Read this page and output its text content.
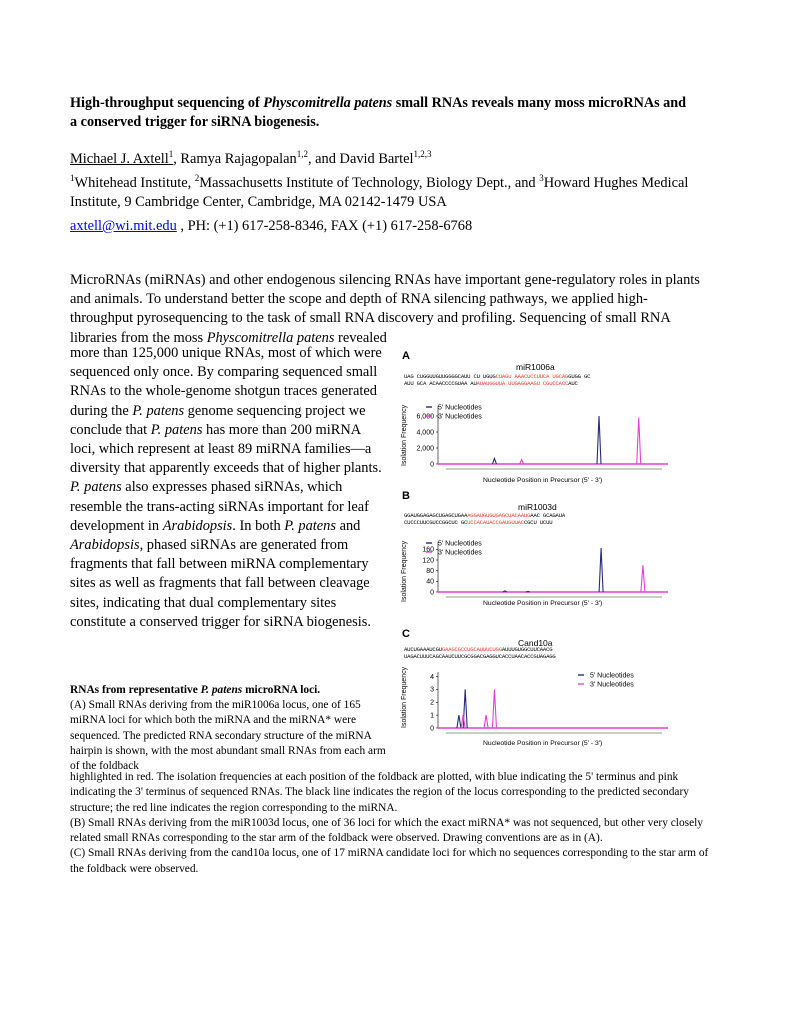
High-throughput sequencing of Physcomitrella patens small RNAs reveals many moss microRNAs and a conserved trigger for siRNA biogenesis.
Michael J. Axtell$^1$, Ramya Rajagopalan$^{1,2}$, and David Bartel$^{1,2,3}$
$^1$Whitehead Institute, $^2$Massachusetts Institute of Technology, Biology Dept., and $^3$Howard Hughes Medical Institute, 9 Cambridge Center, Cambridge, MA 02142-1479 USA
axtell@wi.mit.edu , PH: (+1) 617-258-8346, FAX (+1) 617-258-6768
MicroRNAs (miRNAs) and other endogenous silencing RNAs have important gene-regulatory roles in plants and animals. To understand better the scope and depth of RNA silencing pathways, we applied high-throughput pyrosequencing to the task of small RNA discovery and profiling. Sequencing of small RNA libraries from the moss Physcomitrella patens revealed
more than 125,000 unique RNAs, most of which were sequenced only once. By comparing sequenced small RNAs to the whole-genome shotgun traces generated during the P. patens genome sequencing project we conclude that P. patens has more than 200 miRNA loci, which represent at least 89 miRNA families—a diversity that apparently exceeds that of higher plants. P. patens also expresses phased siRNAs, which resemble the trans-acting siRNAs important for leaf development in Arabidopsis. In both P. patens and Arabidopsis, phased siRNAs are generated from fragments that fall between miRNA complementary sites as well as fragments that fall between cleavage sites, indicating that dual complementary sites constitute a conserved trigger for siRNA biogenesis.
RNAs from representative P. patens microRNA loci.
(A) Small RNAs deriving from the miR1006a locus, one of 165 miRNA loci for which both the miRNA and the miRNA* were sequenced. The predicted RNA secondary structure of the miRNA hairpin is shown, with the most abundant small RNAs from each arm of the foldback
highlighted in red. The isolation frequencies at each position of the foldback are plotted, with blue indicating the 5' terminus and pink indicating the 3' terminus of sequenced RNAs. The black line indicates the region of the locus corresponding to the predicted secondary structure; the red line indicates the region corresponding to the miRNA.
(B) Small RNAs deriving from the miR1003d locus, one of 36 loci for which the exact miRNA* was not sequenced, but other very closely related small RNAs corresponding to the star arm of the foldback were observed. Drawing conventions are as in (A).
(C) Small RNAs deriving from the cand10a locus, one of 17 miRNA candidate loci for which no sequences corresponding to the star arm of the foldback were observed.
A
miR1006a
UAG CUGGUUGUUGGGGCAUU CU UGUGCUAGU AAACUCCUUCA UGCAGGUGG GC
AUU GCA ACAACCCCGUAA AUAUAUGGUUA UUGAGGAAGU CGUCCACCAUC
Isolation Frequency 6,000
4,000
2,000
0
5' Nucleotides
3' Nucleotides
Nucleotide Position in Precursor (5' - 3')
B
miR1003d
GGAUGGAGAGCUGAGCUGAAAGGAUGUGUGAGCUACAAUGAAC GCAGAUA
CUCCCUUCGUCCGGCUC GCUCCACAUACCGAUGUUACCGCU UCUU
Isolation Frequency 160
120
80
40
0
5' Nucleotides
3' Nucleotides
Nucleotide Position in Precursor (5' - 3')
C
Cand10a
AUCUGAAAUCGUGAAGCGCCUGCAUUUCUGGAUUUGUGGCUUCAACG
UAGACUUUCAGCAAUCUUCGCGGACGAGGUCACCUAACACCGUAGAGG
Isolation Frequency	4
3
2
1
0
5' Nucleotides
3' Nucleotides
Nucleotide Position in Precursor (5' - 3')
